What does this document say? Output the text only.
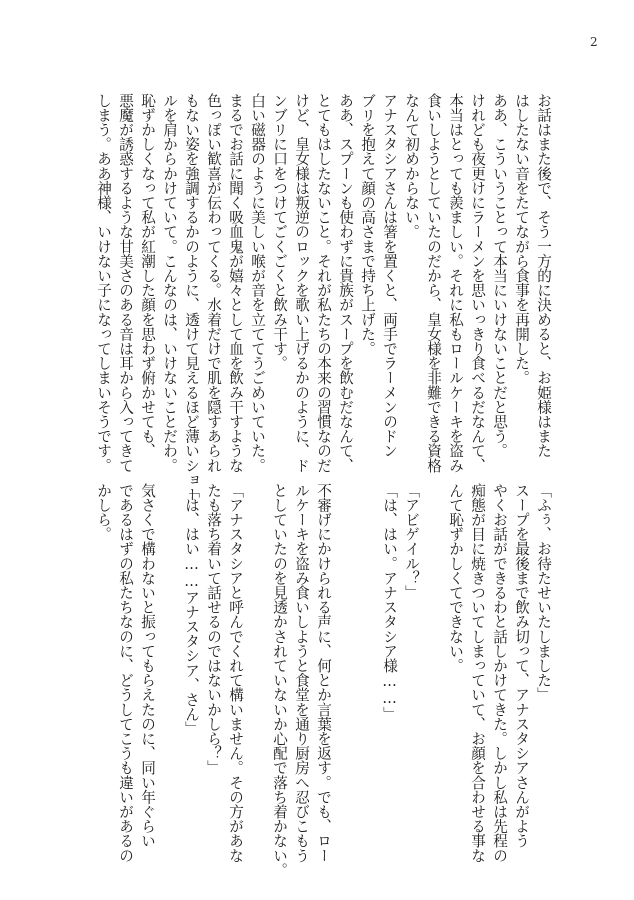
2
お話はまた後で、そう一方的に決めると、お姫様はまた
はしたない音をたてながら食事を再開した。
ああ、こういうことって本当にいけないことだと思う。
けれども夜更けにラーメンを思いっきり食べるだなんて、
本当はとっても羨ましい。それに私もロールケーキを盗み
食いしようとしていたのだから、皇女様を非難できる資格
なんて初めからない。
アナスタシアさんは箸を置くと、両手でラーメンのドン
ブリを抱えて顔の高さまで持ち上げた。
ああ、スプーンも使わずに貴族がスープを飲むだなんて、
とてもはしたないこと。それが私たちの本来の習慣なのだ
けど、皇女様は叛逆のロックを歌い上げるかのように、ド
ンブリに口をつけてごくごくと飲み干す。
白い磁器のように美しい喉が音を立ててうごめいていた。
まるでお話に聞く吸血鬼が嬉々として血を飲み干すような
色っぽい歓喜が伝わってくる。水着だけで肌を隠すあられ
もない姿を強調するかのように、透けて見えるほど薄いショー
ルを肩からかけていて。こんなのは、いけないことだわ。
恥ずかしくなって私が紅潮した顔を思わず俯かせても、
悪魔が誘惑するような甘美さのある音は耳から入ってきて
しまう。ああ神様、いけない子になってしまいそうです。
「ふぅ、お待たせいたしました」
スープを最後まで飲み切って、アナスタシアさんがよう
やくお話ができるわと話しかけてきた。しかし私は先程の
痴態が目に焼きついてしまっていて、お顔を合わせる事な
んて恥ずかしくてできない。
「アビゲイル？」
「は、はい。アナスタシア様……」
不審げにかけられる声に、何とか言葉を返す。でも、ロー
ルケーキを盗み食いしようと食堂を通り厨房へ忍びこもう
としていたのを見透かされていないか心配で落ち着かない。
「アナスタシアと呼んでくれて構いません。その方があな
たも落ち着いて話せるのではないかしら？」
「は、はい……アナスタシア、さん」
気さくで構わないと振ってもらえたのに、同い年ぐらい
であるはずの私たちなのに、どうしてこうも違いがあるの
かしら。
